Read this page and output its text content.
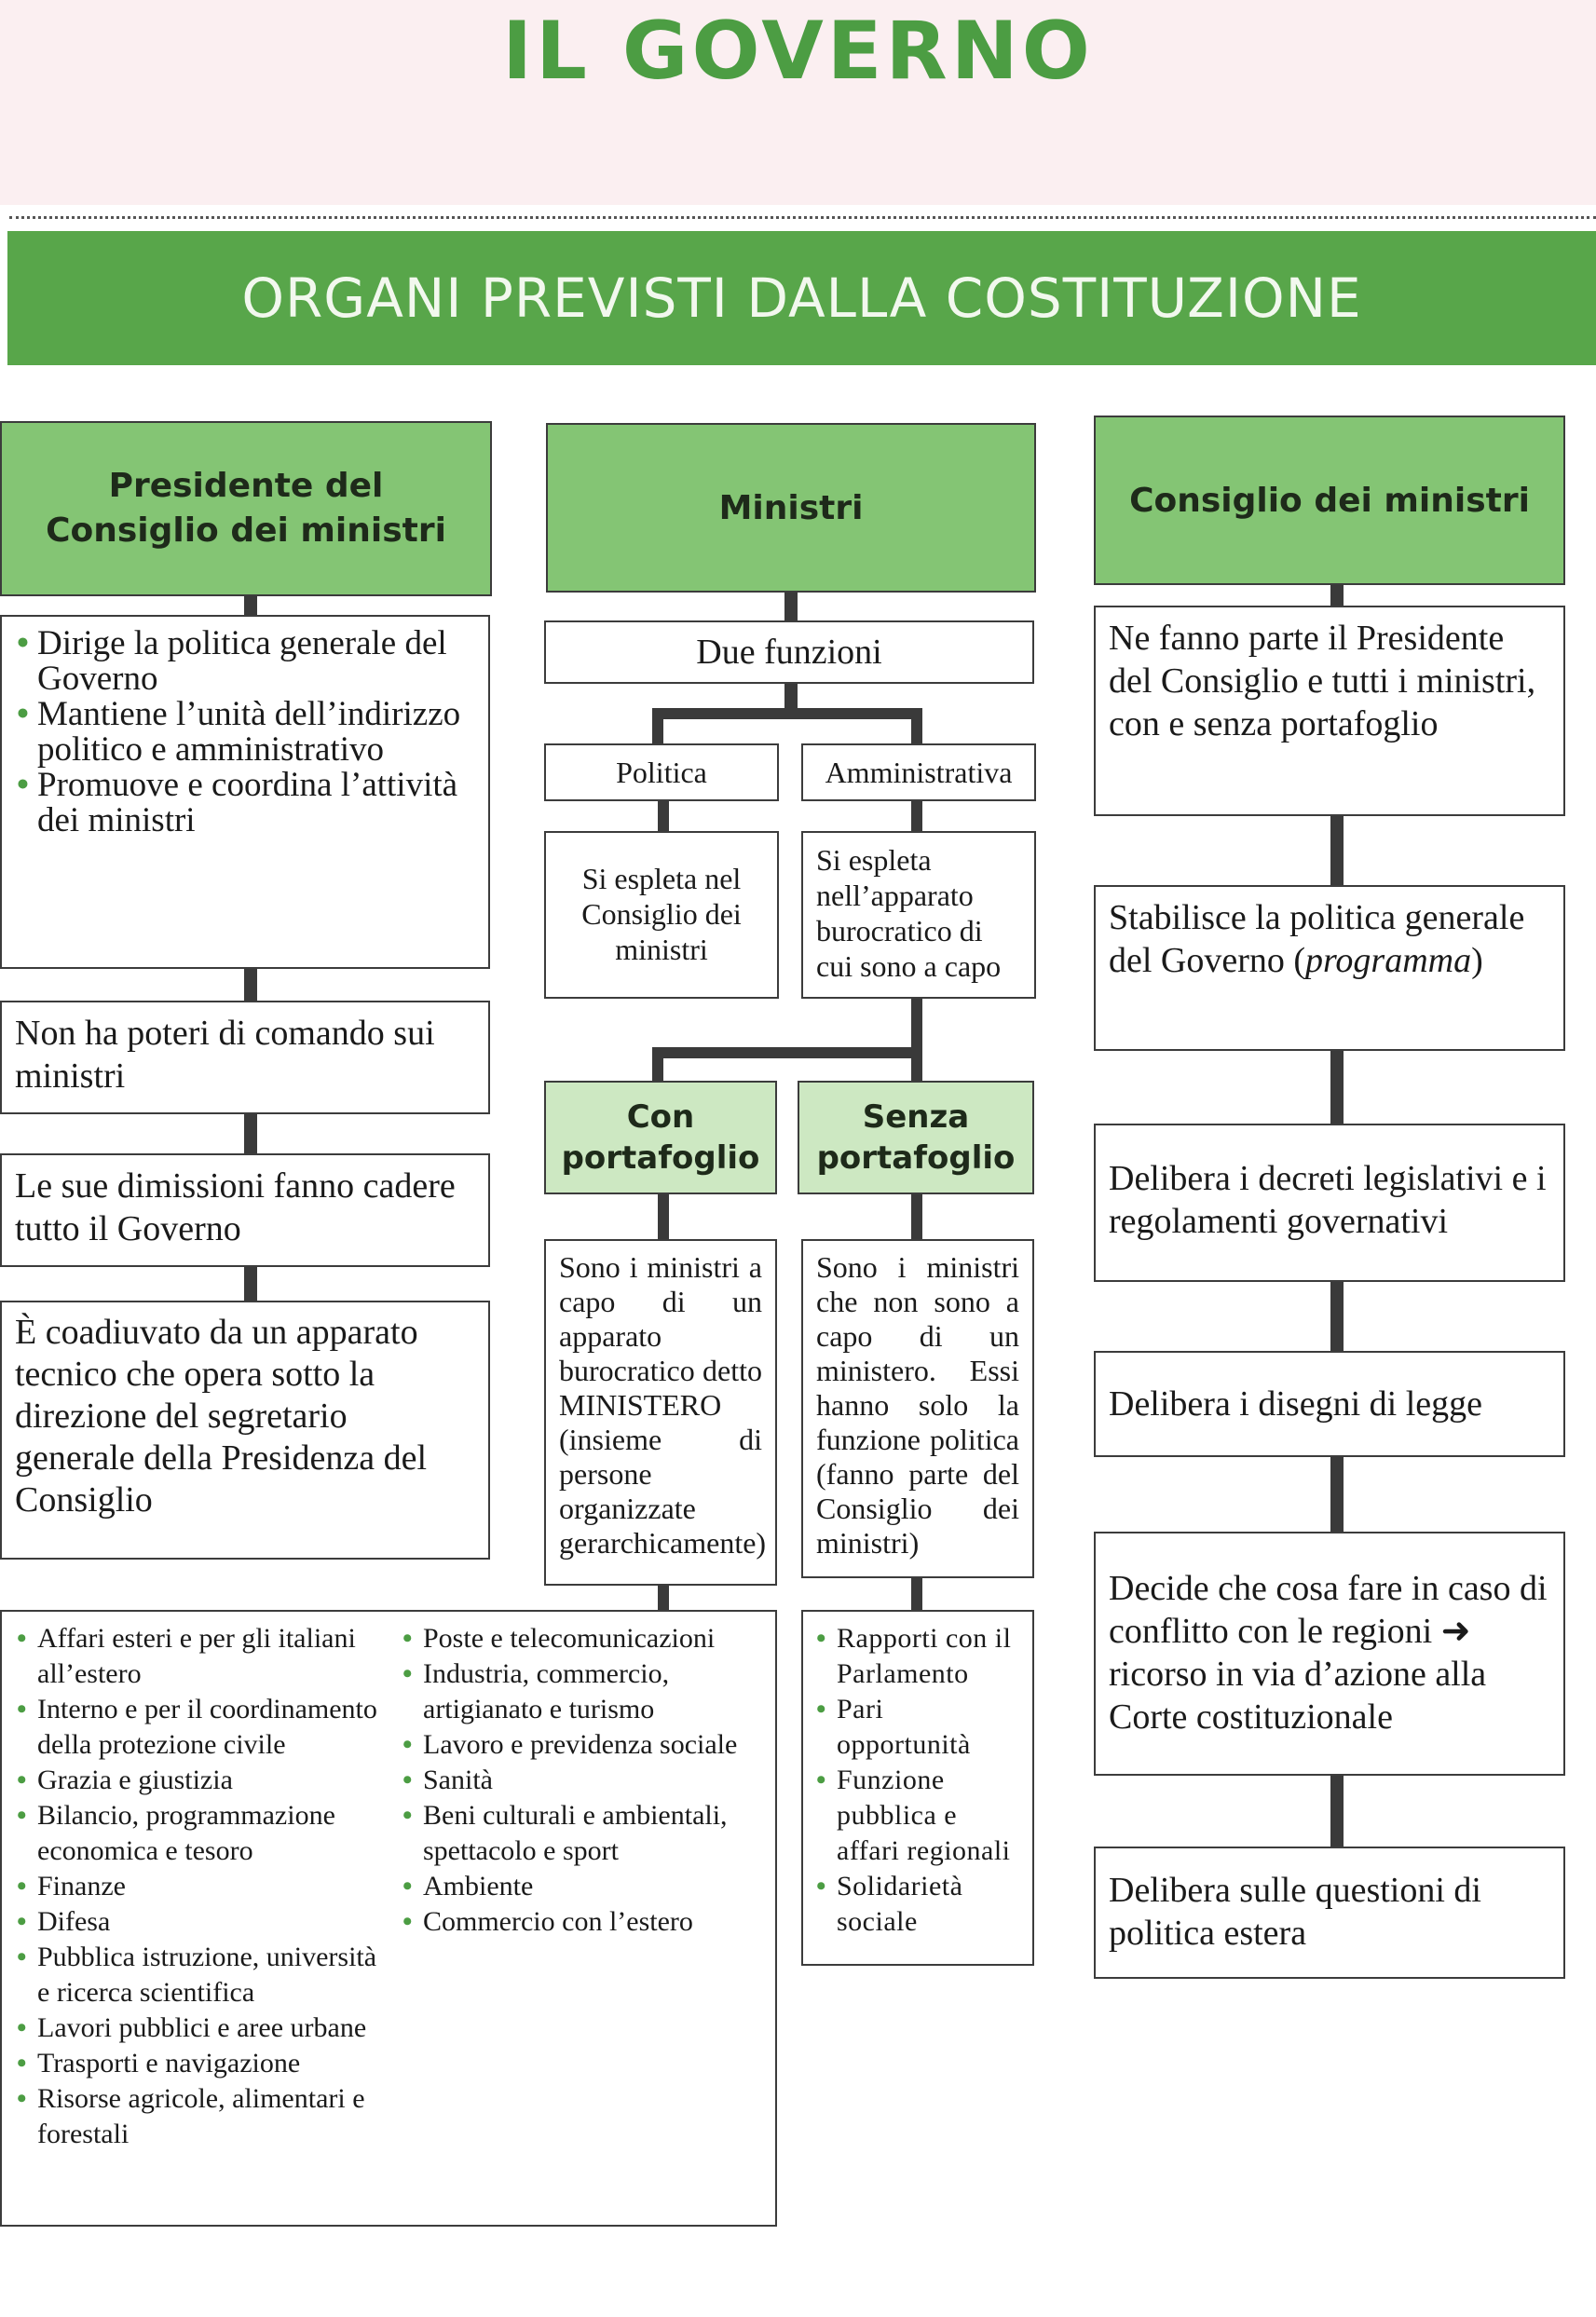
IL GOVERNO
ORGANI PREVISTI DALLA COSTITUZIONE
Presidente del Consiglio dei ministri
• Dirige la politica generale del Governo
• Mantiene l’unità dell’indirizzo politico e amministrativo
• Promuove e coordina l’attività dei ministri
Non ha poteri di comando sui ministri
Le sue dimissioni fanno cadere tutto il Governo
È coadiuvato da un apparato tecnico che opera sotto la direzione del segretario generale della Presidenza del Consiglio
Ministri
Due funzioni
Politica	Amministrativa
Si espleta nel Consiglio dei ministri
Si espleta nell’apparato burocratico di cui sono a capo
Con portafoglio
Senza portafoglio
Sono i ministri a capo di un apparato burocratico detto MINISTERO (insieme di persone organizzate gerarchicamente)
Sono i ministri che non sono a capo di un ministero. Essi hanno solo la funzione politica (fanno parte del Consiglio dei ministri)
• Affari esteri e per gli italiani all’estero
• Interno e per il coordinamento della protezione civile
• Grazia e giustizia
• Bilancio, programmazione economica e tesoro
• Finanze
• Difesa
• Pubblica istruzione, università e ricerca scientifica
• Lavori pubblici e aree urbane
• Trasporti e navigazione
• Risorse agricole, alimentari e forestali
• Poste e telecomunicazioni
• Industria, commercio, artigianato e turismo
• Lavoro e previdenza sociale
• Sanità
• Beni culturali e ambientali, spettacolo e sport
• Ambiente
• Commercio con l’estero
• Rapporti con il Parlamento
• Pari opportunità
• Funzione pubblica e affari regionali
• Solidarietà sociale
Consiglio dei ministri
Ne fanno parte il Presidente del Consiglio e tutti i ministri, con e senza portafoglio
Stabilisce la politica generale del Governo (programma)
Delibera i decreti legislativi e i regolamenti governativi
Delibera i disegni di legge
Decide che cosa fare in caso di conflitto con le regioni ➜ ricorso in via d’azione alla Corte costituzionale
Delibera sulle questioni di politica estera
